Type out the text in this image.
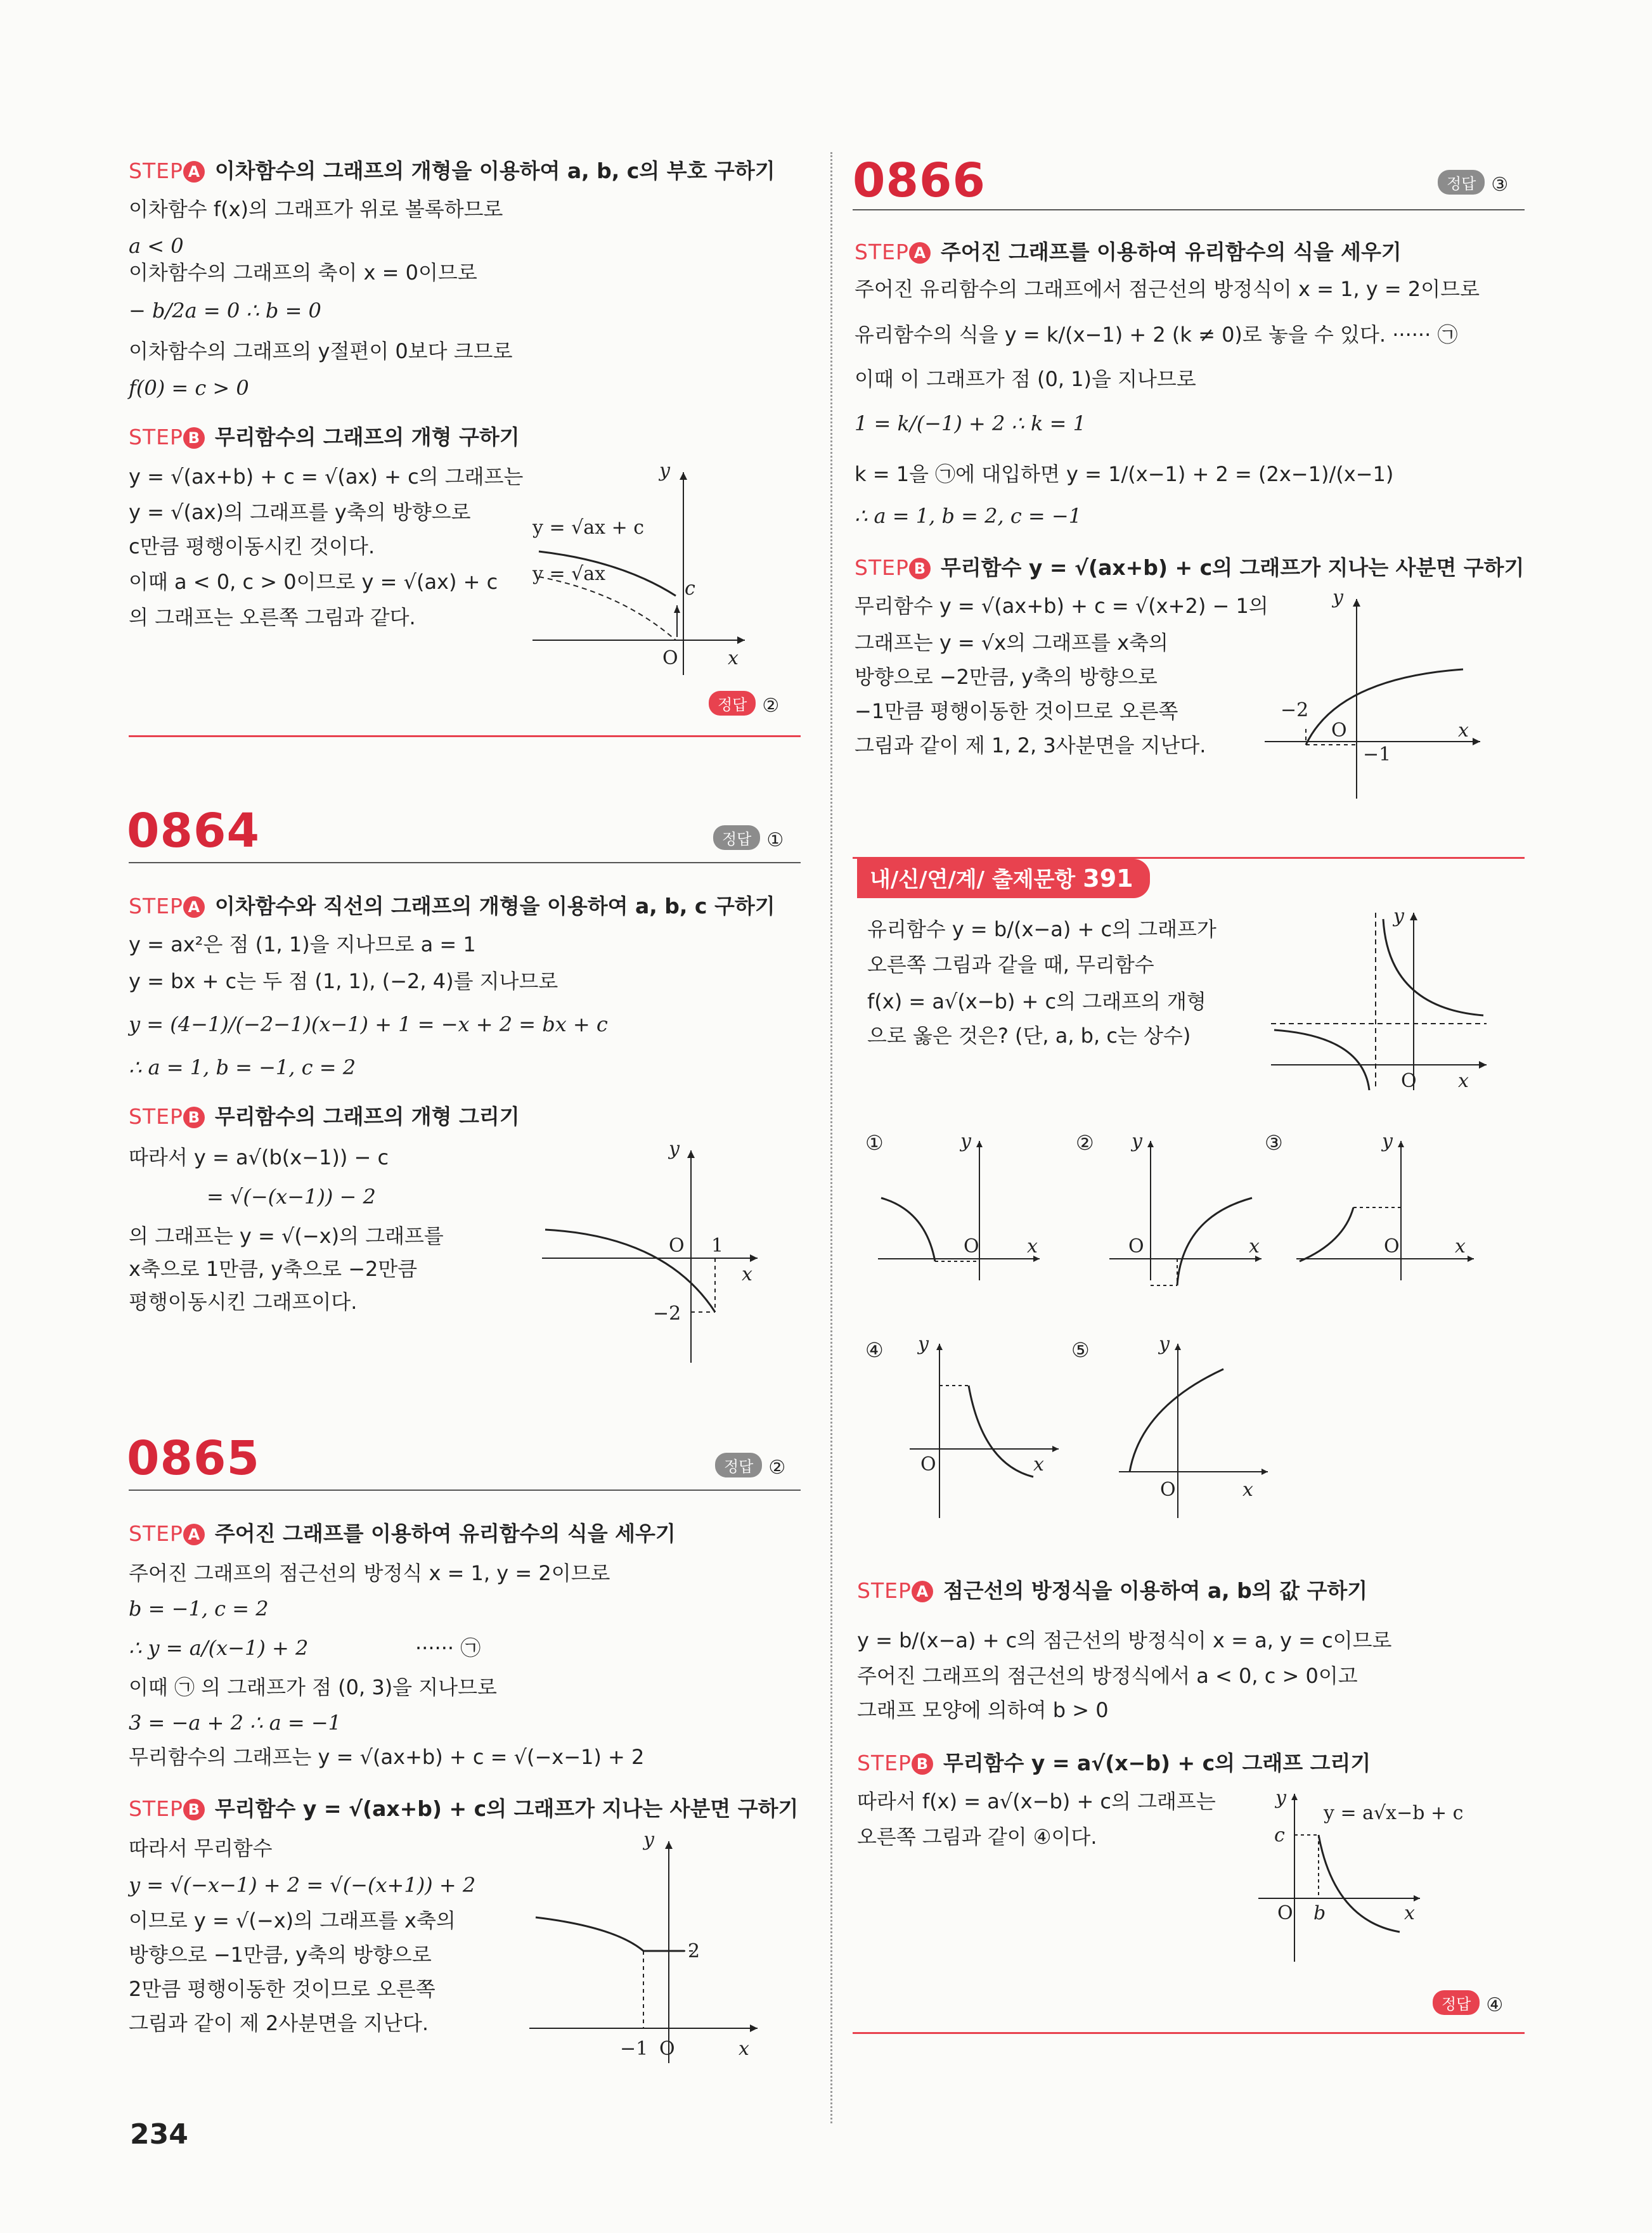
STEP A 이차함수의 그래프의 개형을 이용하여 a, b, c의 부호 구하기
이차함수 f(x)의 그래프가 위로 볼록하므로
a < 0
이차함수의 그래프의 축이 x = 0이므로
− b/2a = 0 ∴ b = 0
이차함수의 그래프의 y절편이 0보다 크므로
f(0) = c > 0
STEP B 무리함수의 그래프의 개형 구하기
y = √(ax+b) + c = √(ax) + c의 그래프는
y = √(ax)의 그래프를 y축의 방향으로
c만큼 평행이동시킨 것이다.
이때 a < 0, c > 0이므로 y = √(ax) + c
의 그래프는 오른쪽 그림과 같다.
y = √ax + c
y = √ax
c
y
O	x
정답 ②
0864	정답 ①
STEP A 이차함수와 직선의 그래프의 개형을 이용하여 a, b, c 구하기
y = ax²은 점 (1, 1)을 지나므로 a = 1
y = bx + c는 두 점 (1, 1), (−2, 4)를 지나므로
y = (4−1)/(−2−1)(x−1) + 1 = −x + 2 = bx + c
∴ a = 1, b = −1, c = 2
STEP B 무리함수의 그래프의 개형 그리기
따라서 y = a√(b(x−1)) − c
= √(−(x−1)) − 2
의 그래프는 y = √(−x)의 그래프를
x축으로 1만큼, y축으로 −2만큼
평행이동시킨 그래프이다.
y
O 1
x
−2
0865	정답 ②
STEP A 주어진 그래프를 이용하여 유리함수의 식을 세우기
주어진 그래프의 점근선의 방정식 x = 1, y = 2이므로
b = −1, c = 2
∴ y = a/(x−1) + 2	······ ㉠
이때 ㉠ 의 그래프가 점 (0, 3)을 지나므로
3 = −a + 2 ∴ a = −1
무리함수의 그래프는 y = √(ax+b) + c = √(−x−1) + 2
STEP B 무리함수 y = √(ax+b) + c의 그래프가 지나는 사분면 구하기
따라서 무리함수
y = √(−x−1) + 2 = √(−(x+1)) + 2
이므로 y = √(−x)의 그래프를 x축의
방향으로 −1만큼, y축의 방향으로
2만큼 평행이동한 것이므로 오른쪽
그림과 같이 제 2사분면을 지난다.
y
2
−1 O	x
234
0866	정답 ③
STEP A 주어진 그래프를 이용하여 유리함수의 식을 세우기
주어진 유리함수의 그래프에서 점근선의 방정식이 x = 1, y = 2이므로
유리함수의 식을 y = k/(x−1) + 2 (k ≠ 0)로 놓을 수 있다. ······ ㉠
이때 이 그래프가 점 (0, 1)을 지나므로
1 = k/(−1) + 2 ∴ k = 1
k = 1을 ㉠에 대입하면 y = 1/(x−1) + 2 = (2x−1)/(x−1)
∴ a = 1, b = 2, c = −1
STEP B 무리함수 y = √(ax+b) + c의 그래프가 지나는 사분면 구하기
무리함수 y = √(ax+b) + c = √(x+2) − 1의
그래프는 y = √x의 그래프를 x축의
방향으로 −2만큼, y축의 방향으로
−1만큼 평행이동한 것이므로 오른쪽
그림과 같이 제 1, 2, 3사분면을 지난다.
y
−2
O
−1
x
내/신/연/계/ 출제문항 391
유리함수 y = b/(x−a) + c의 그래프가
오른쪽 그림과 같을 때, 무리함수
f(x) = a√(x−b) + c의 그래프의 개형
으로 옳은 것은? (단, a, b, c는 상수)
y
O x
①	y
O	x
② y
O	x
③	y
O	x
④ y
O	x
⑤	y
O	x
STEP A 점근선의 방정식을 이용하여 a, b의 값 구하기
y = b/(x−a) + c의 점근선의 방정식이 x = a, y = c이므로
주어진 그래프의 점근선의 방정식에서 a < 0, c > 0이고
그래프 모양에 의하여 b > 0
STEP B 무리함수 y = a√(x−b) + c의 그래프 그리기
따라서 f(x) = a√(x−b) + c의 그래프는
오른쪽 그림과 같이 ④이다.
y
y = a√x−b + c
c
O b	x
정답 ④
